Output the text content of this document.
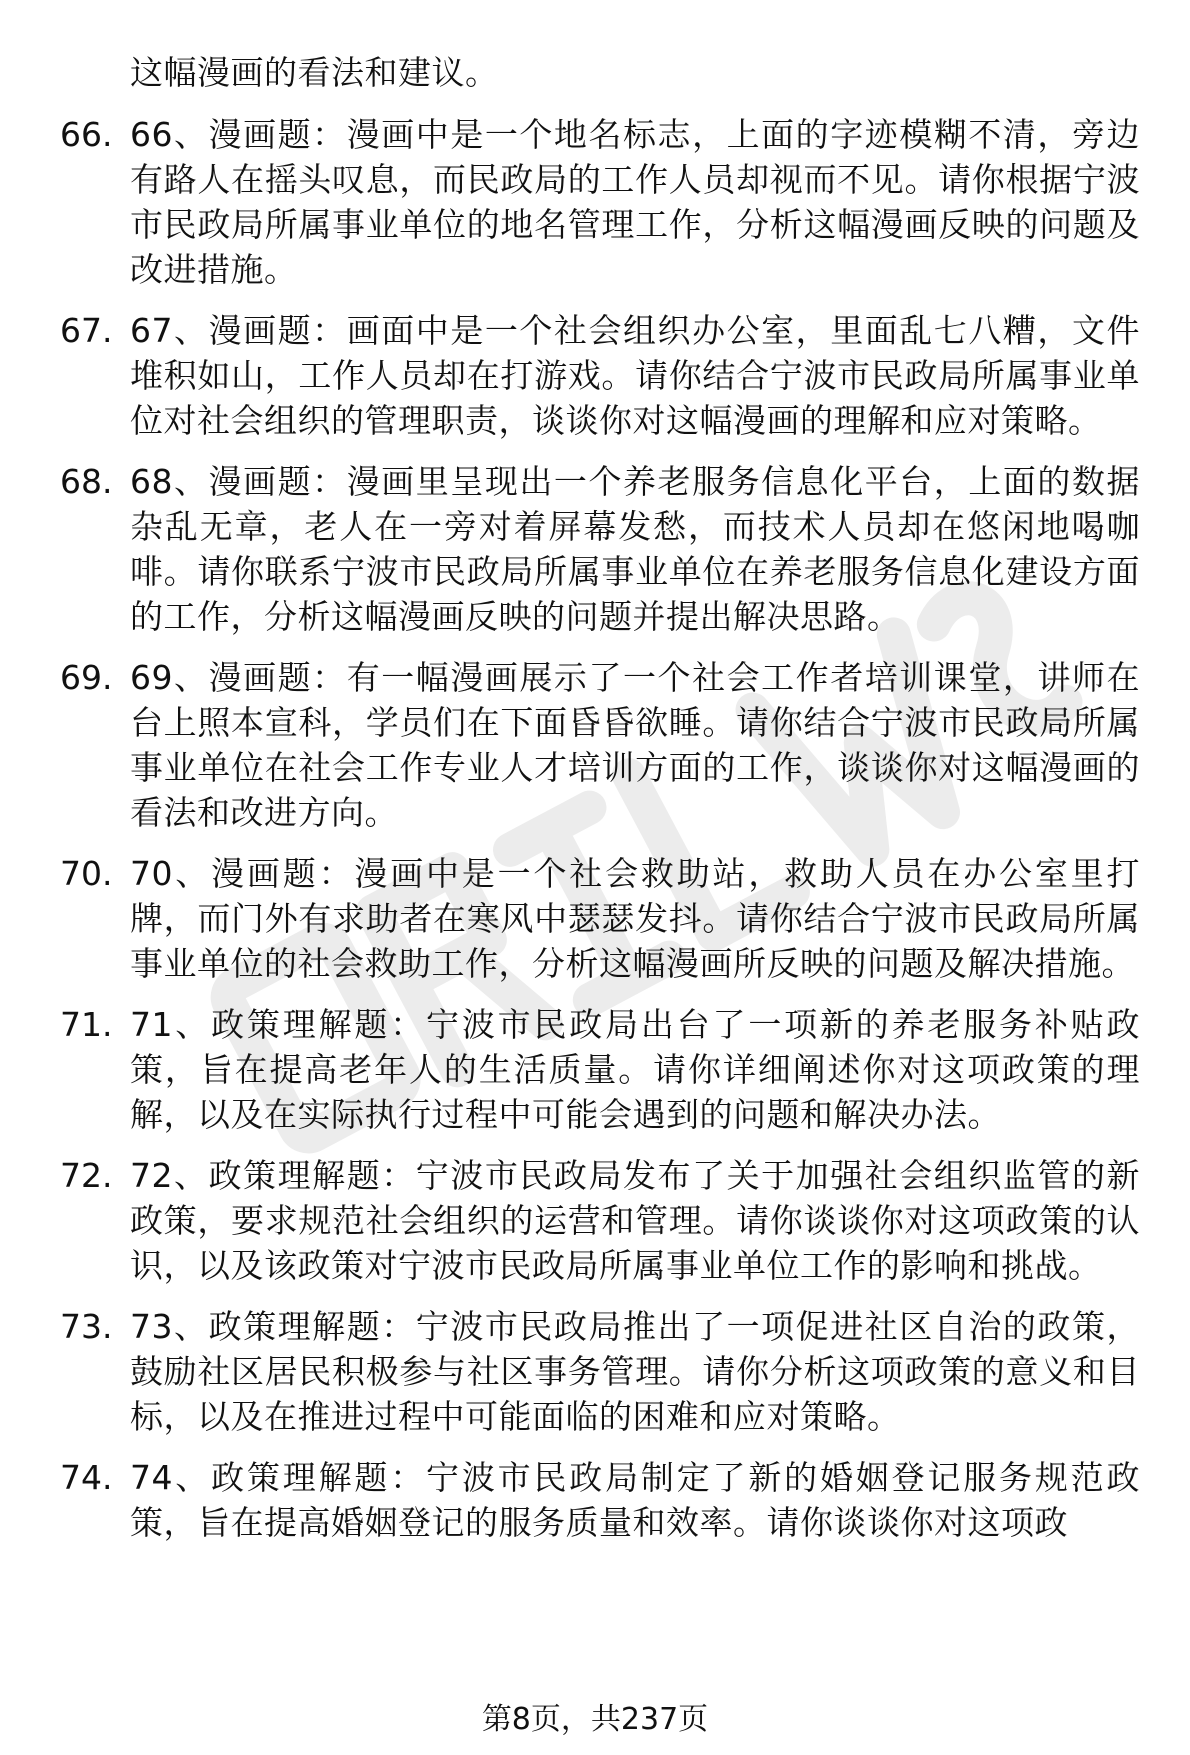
这幅漫画的看法和建议。
66. 66、漫画题：漫画中是一个地名标志，上面的字迹模糊不清，旁边有路人在摇头叹息，而民政局的工作人员却视而不见。请你根据宁波市民政局所属事业单位的地名管理工作，分析这幅漫画反映的问题及改进措施。
67. 67、漫画题：画面中是一个社会组织办公室，里面乱七八糟，文件堆积如山，工作人员却在打游戏。请你结合宁波市民政局所属事业单位对社会组织的管理职责，谈谈你对这幅漫画的理解和应对策略。
68. 68、漫画题：漫画里呈现出一个养老服务信息化平台，上面的数据杂乱无章，老人在一旁对着屏幕发愁，而技术人员却在悠闲地喝咖啡。请你联系宁波市民政局所属事业单位在养老服务信息化建设方面的工作，分析这幅漫画反映的问题并提出解决思路。
69. 69、漫画题：有一幅漫画展示了一个社会工作者培训课堂，讲师在台上照本宣科，学员们在下面昏昏欲睡。请你结合宁波市民政局所属事业单位在社会工作专业人才培训方面的工作，谈谈你对这幅漫画的看法和改进方向。
70. 70、漫画题：漫画中是一个社会救助站，救助人员在办公室里打牌，而门外有求助者在寒风中瑟瑟发抖。请你结合宁波市民政局所属事业单位的社会救助工作，分析这幅漫画所反映的问题及解决措施。
71. 71、政策理解题：宁波市民政局出台了一项新的养老服务补贴政策，旨在提高老年人的生活质量。请你详细阐述你对这项政策的理解，以及在实际执行过程中可能会遇到的问题和解决办法。
72. 72、政策理解题：宁波市民政局发布了关于加强社会组织监管的新政策，要求规范社会组织的运营和管理。请你谈谈你对这项政策的认识，以及该政策对宁波市民政局所属事业单位工作的影响和挑战。
73. 73、政策理解题：宁波市民政局推出了一项促进社区自治的政策，鼓励社区居民积极参与社区事务管理。请你分析这项政策的意义和目标，以及在推进过程中可能面临的困难和应对策略。
74. 74、政策理解题：宁波市民政局制定了新的婚姻登记服务规范政策，旨在提高婚姻登记的服务质量和效率。请你谈谈你对这项政
第8页，共237页
